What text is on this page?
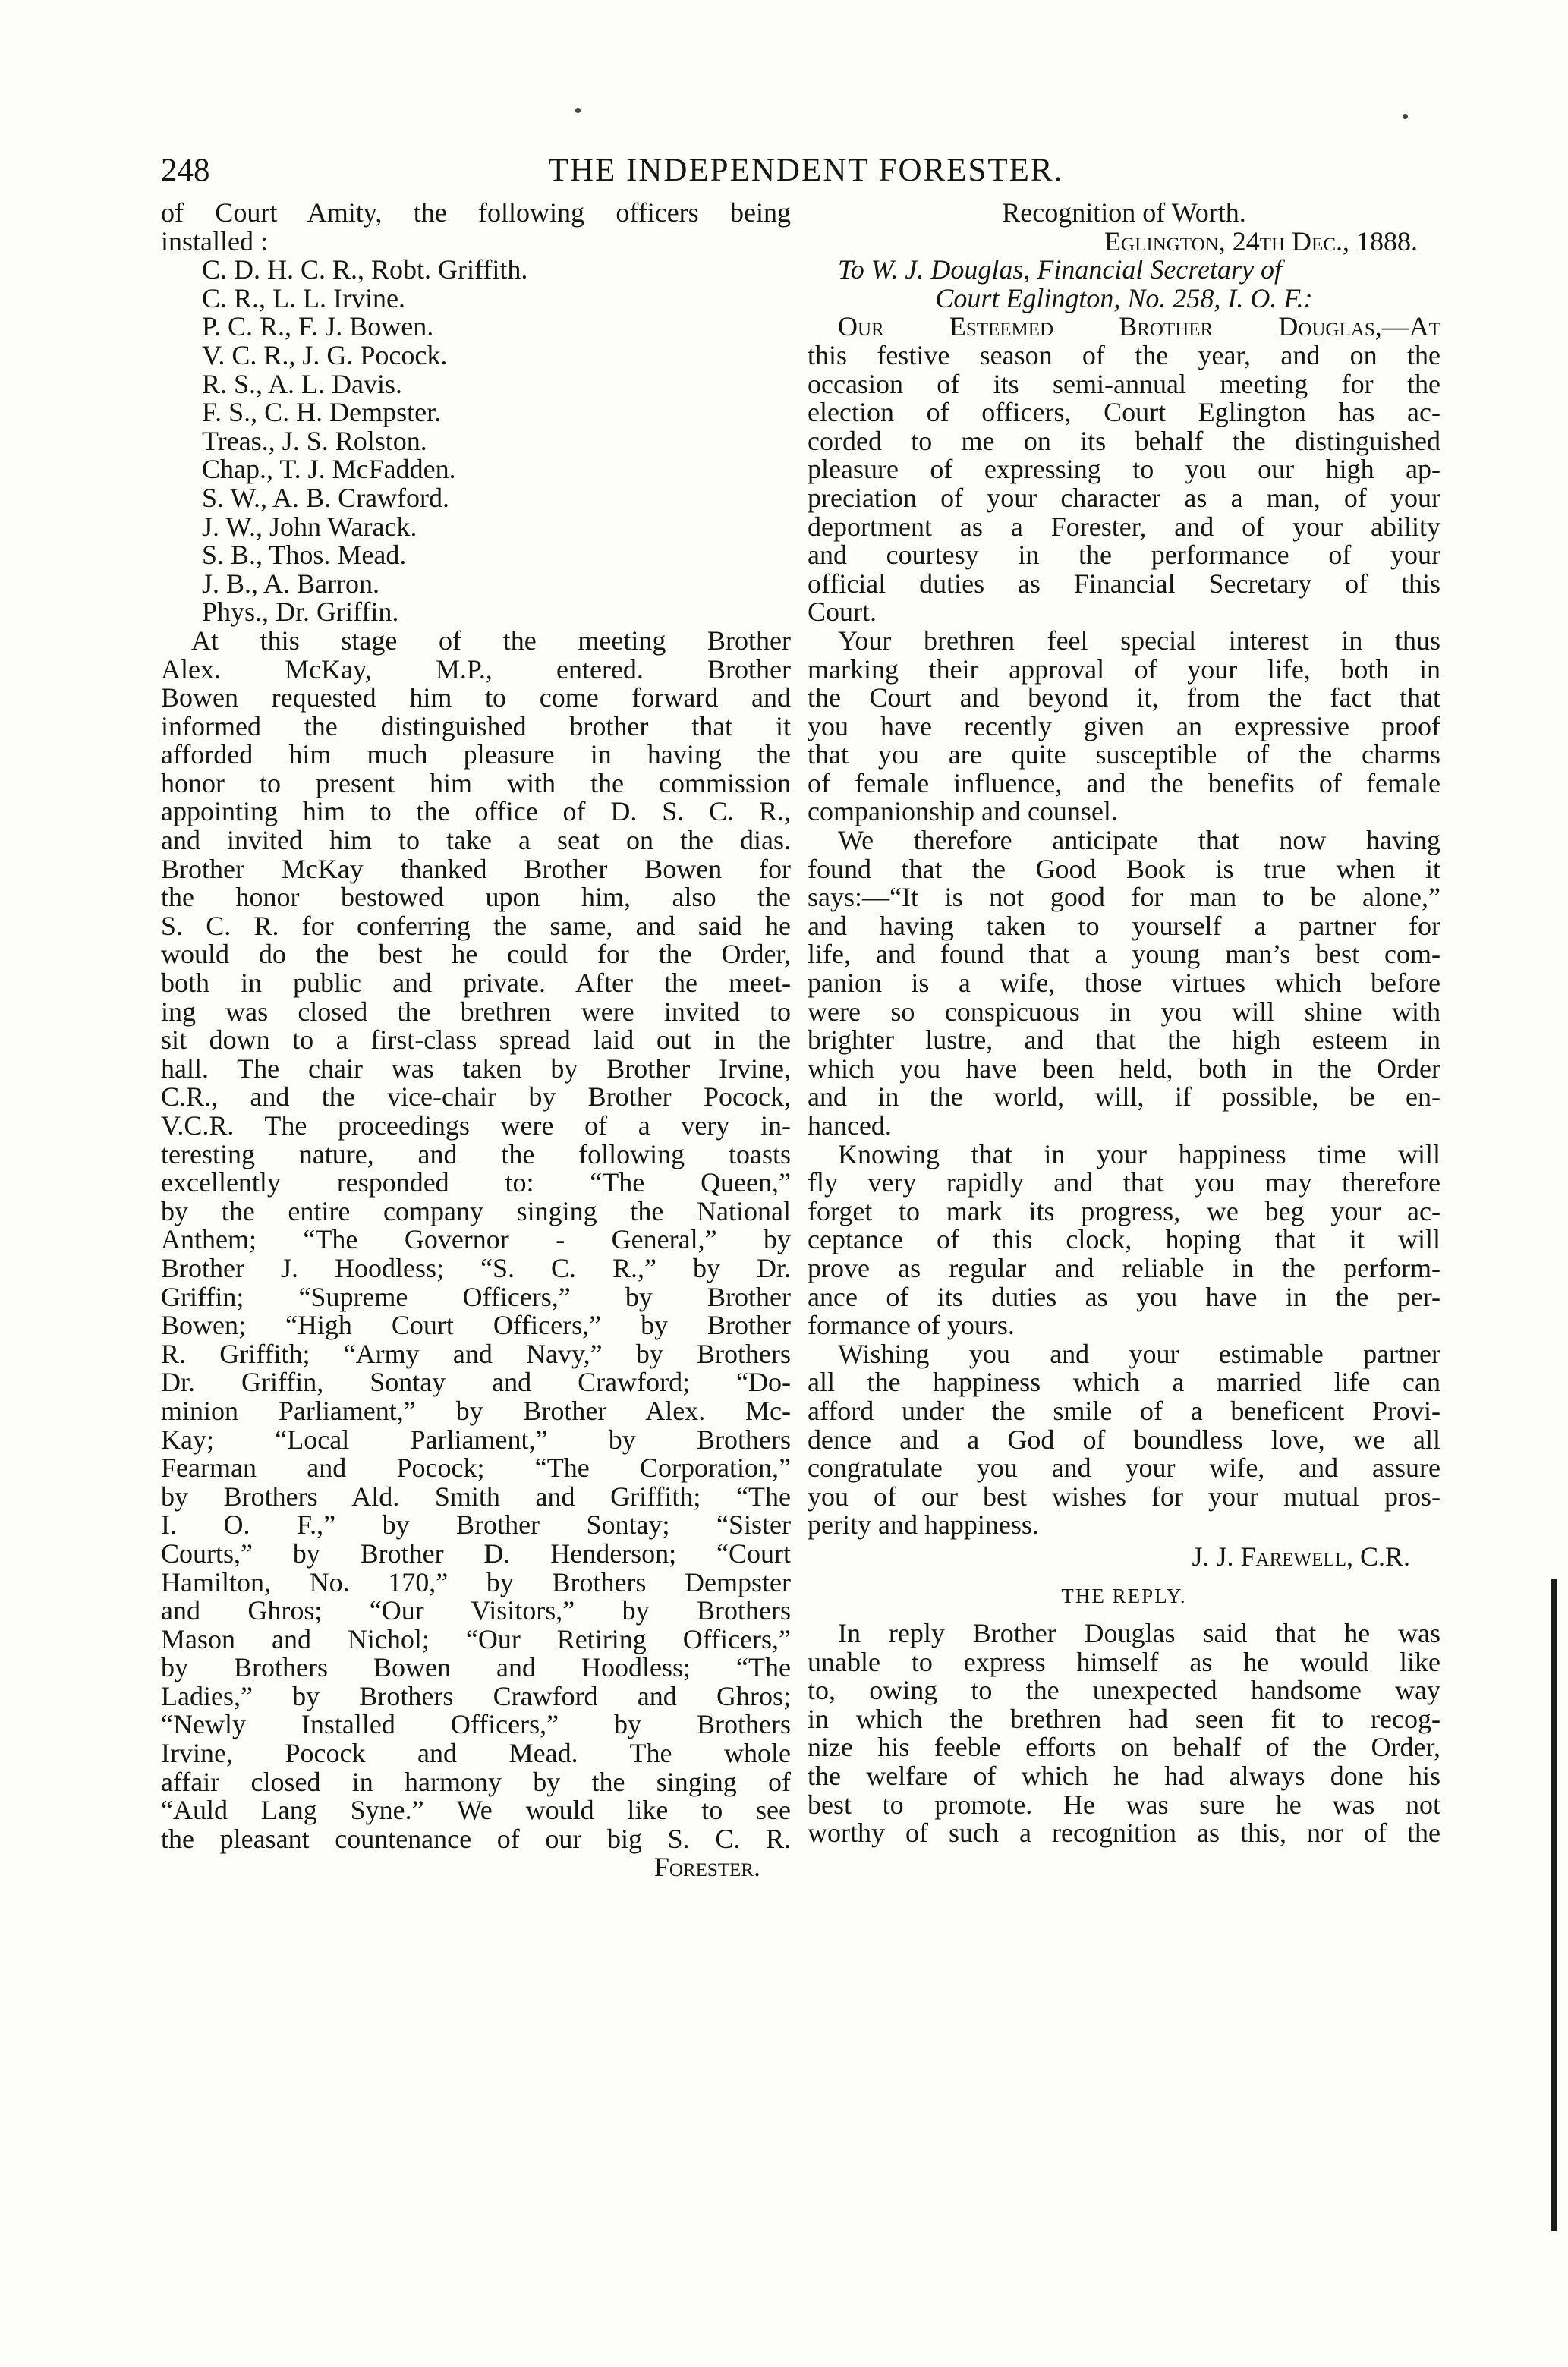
248	THE INDEPENDENT FORESTER.

of Court Amity, the following officers being

installed :

C. D. H. C. R., Robt. Griffith.

C. R., L. L. Irvine.

P. C. R., F. J. Bowen.

V. C. R., J. G. Pocock.

R. S., A. L. Davis.

F. S., C. H. Dempster.

Treas., J. S. Rolston.

Chap., T. J. McFadden.

S. W., A. B. Crawford.

J. W., John Warack.

S. B., Thos. Mead.

J. B., A. Barron.

Phys., Dr. Griffin.

At this stage of the meeting Brother

Alex. McKay, M.P., entered. Brother

Bowen requested him to come forward and

informed the distinguished brother that it

afforded him much pleasure in having the

honor to present him with the commission

appointing him to the office of D. S. C. R.,

and invited him to take a seat on the dias.

Brother McKay thanked Brother Bowen for

the honor bestowed upon him, also the

S. C. R. for conferring the same, and said he

would do the best he could for the Order,

both in public and private. After the meet-

ing was closed the brethren were invited to

sit down to a first-class spread laid out in the

hall. The chair was taken by Brother Irvine,

C.R., and the vice-chair by Brother Pocock,

V.C.R. The proceedings were of a very in-

teresting nature, and the following toasts

excellently responded to: “The Queen,”

by the entire company singing the National

Anthem; “The Governor - General,” by

Brother J. Hoodless; “S. C. R.,” by Dr.

Griffin; “Supreme Officers,” by Brother

Bowen; “High Court Officers,” by Brother

R. Griffith; “Army and Navy,” by Brothers

Dr. Griffin, Sontay and Crawford; “Do-

minion Parliament,” by Brother Alex. Mc-

Kay; “Local Parliament,” by Brothers

Fearman and Pocock; “The Corporation,”

by Brothers Ald. Smith and Griffith; “The

I. O. F.,” by Brother Sontay; “Sister

Courts,” by Brother D. Henderson; “Court

Hamilton, No. 170,” by Brothers Dempster

and Ghros; “Our Visitors,” by Brothers

Mason and Nichol; “Our Retiring Officers,”

by Brothers Bowen and Hoodless; “The

Ladies,” by Brothers Crawford and Ghros;

“Newly Installed Officers,” by Brothers

Irvine, Pocock and Mead. The whole

affair closed in harmony by the singing of

“Auld Lang Syne.” We would like to see

the pleasant countenance of our big S. C. R.

Forester.

Recognition of Worth.

Eglington, 24th Dec., 1888.

To W. J. Douglas, Financial Secretary of

Court Eglington, No. 258, I. O. F.:

Our Esteemed Brother Douglas,—At

this festive season of the year, and on the

occasion of its semi-annual meeting for the

election of officers, Court Eglington has ac-

corded to me on its behalf the distinguished

pleasure of expressing to you our high ap-

preciation of your character as a man, of your

deportment as a Forester, and of your ability

and courtesy in the performance of your

official duties as Financial Secretary of this

Court.

Your brethren feel special interest in thus

marking their approval of your life, both in

the Court and beyond it, from the fact that

you have recently given an expressive proof

that you are quite susceptible of the charms

of female influence, and the benefits of female

companionship and counsel.

We therefore anticipate that now having

found that the Good Book is true when it

says:—“It is not good for man to be alone,”

and having taken to yourself a partner for

life, and found that a young man’s best com-

panion is a wife, those virtues which before

were so conspicuous in you will shine with

brighter lustre, and that the high esteem in

which you have been held, both in the Order

and in the world, will, if possible, be en-

hanced.

Knowing that in your happiness time will

fly very rapidly and that you may therefore

forget to mark its progress, we beg your ac-

ceptance of this clock, hoping that it will

prove as regular and reliable in the perform-

ance of its duties as you have in the per-

formance of yours.

Wishing you and your estimable partner

all the happiness which a married life can

afford under the smile of a beneficent Provi-

dence and a God of boundless love, we all

congratulate you and your wife, and assure

you of our best wishes for your mutual pros-

perity and happiness.

J. J. Farewell, C.R.

THE REPLY.

In reply Brother Douglas said that he was

unable to express himself as he would like

to, owing to the unexpected handsome way

in which the brethren had seen fit to recog-

nize his feeble efforts on behalf of the Order,

the welfare of which he had always done his

best to promote. He was sure he was not

worthy of such a recognition as this, nor of the
